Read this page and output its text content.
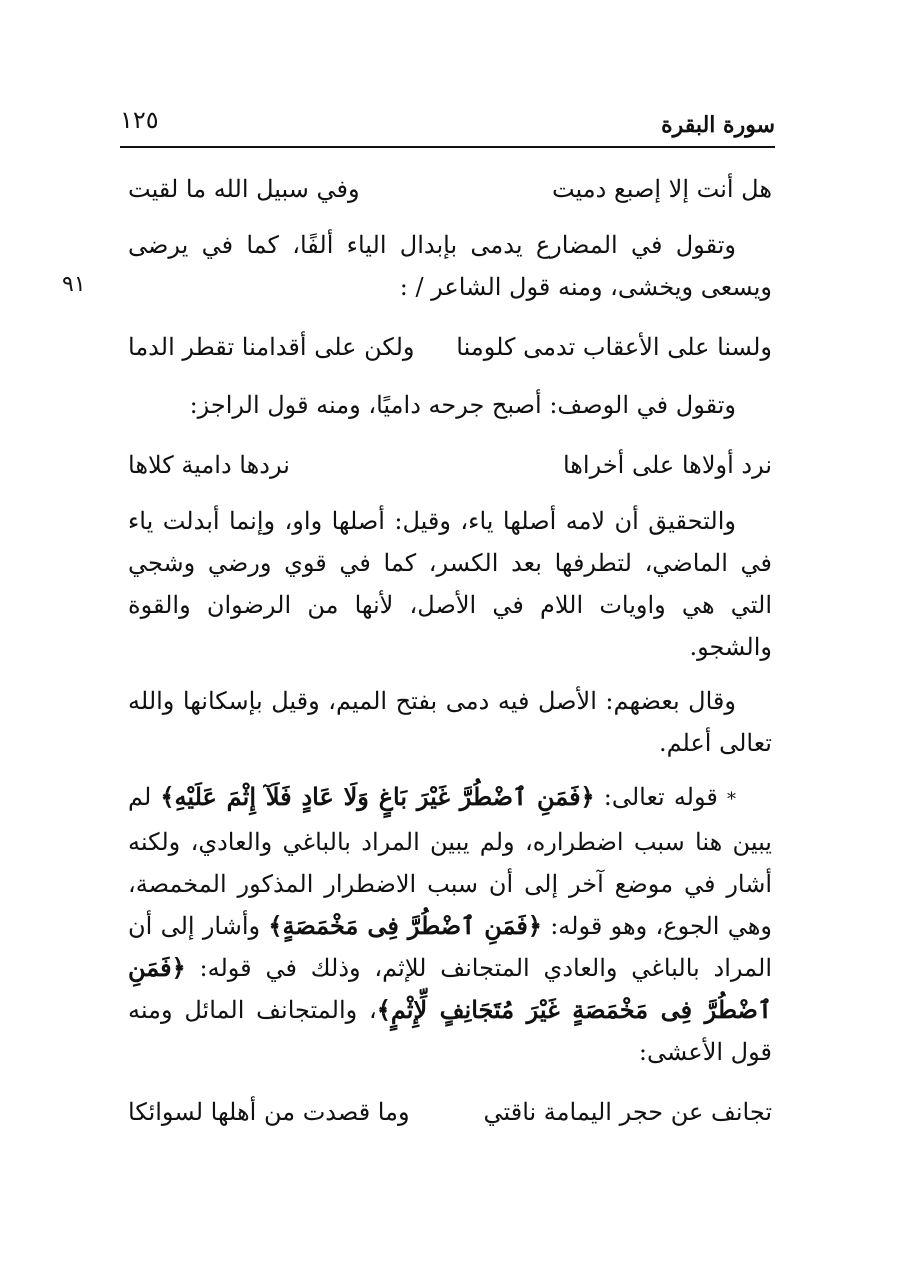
سورة البقرة
١٢٥
٩١
هل أنت إلا إصبع دميت
وفي سبيل الله ما لقيت

وتقول في المضارع يدمى بإبدال الياء ألفًا، كما في يرضى ويسعى ويخشى، ومنه قول الشاعر / :

ولسنا على الأعقاب تدمى كلومنا
ولكن على أقدامنا تقطر الدما

وتقول في الوصف: أصبح جرحه داميًا، ومنه قول الراجز:

نرد أولاها على أخراها
نردها دامية كلاها

والتحقيق أن لامه أصلها ياء، وقيل: أصلها واو، وإنما أبدلت ياء في الماضي، لتطرفها بعد الكسر، كما في قوي ورضي وشجي التي هي واويات اللام في الأصل، لأنها من الرضوان والقوة والشجو.

وقال بعضهم: الأصل فيه دمى بفتح الميم، وقيل بإسكانها والله تعالى أعلم.

* قوله تعالى: ﴿فَمَنِ ٱضْطُرَّ غَيْرَ بَاغٍ وَلَا عَادٍ فَلَآ إِثْمَ عَلَيْهِ﴾ لم يبين هنا سبب اضطراره، ولم يبين المراد بالباغي والعادي، ولكنه أشار في موضع آخر إلى أن سبب الاضطرار المذكور المخمصة، وهي الجوع، وهو قوله: ﴿فَمَنِ ٱضْطُرَّ فِى مَخْمَصَةٍ﴾ وأشار إلى أن المراد بالباغي والعادي المتجانف للإثم، وذلك في قوله: ﴿فَمَنِ ٱضْطُرَّ فِى مَخْمَصَةٍ غَيْرَ مُتَجَانِفٍ لِّإِثْمٍ﴾، والمتجانف المائل ومنه قول الأعشى:

تجانف عن حجر اليمامة ناقتي
وما قصدت من أهلها لسوائكا
